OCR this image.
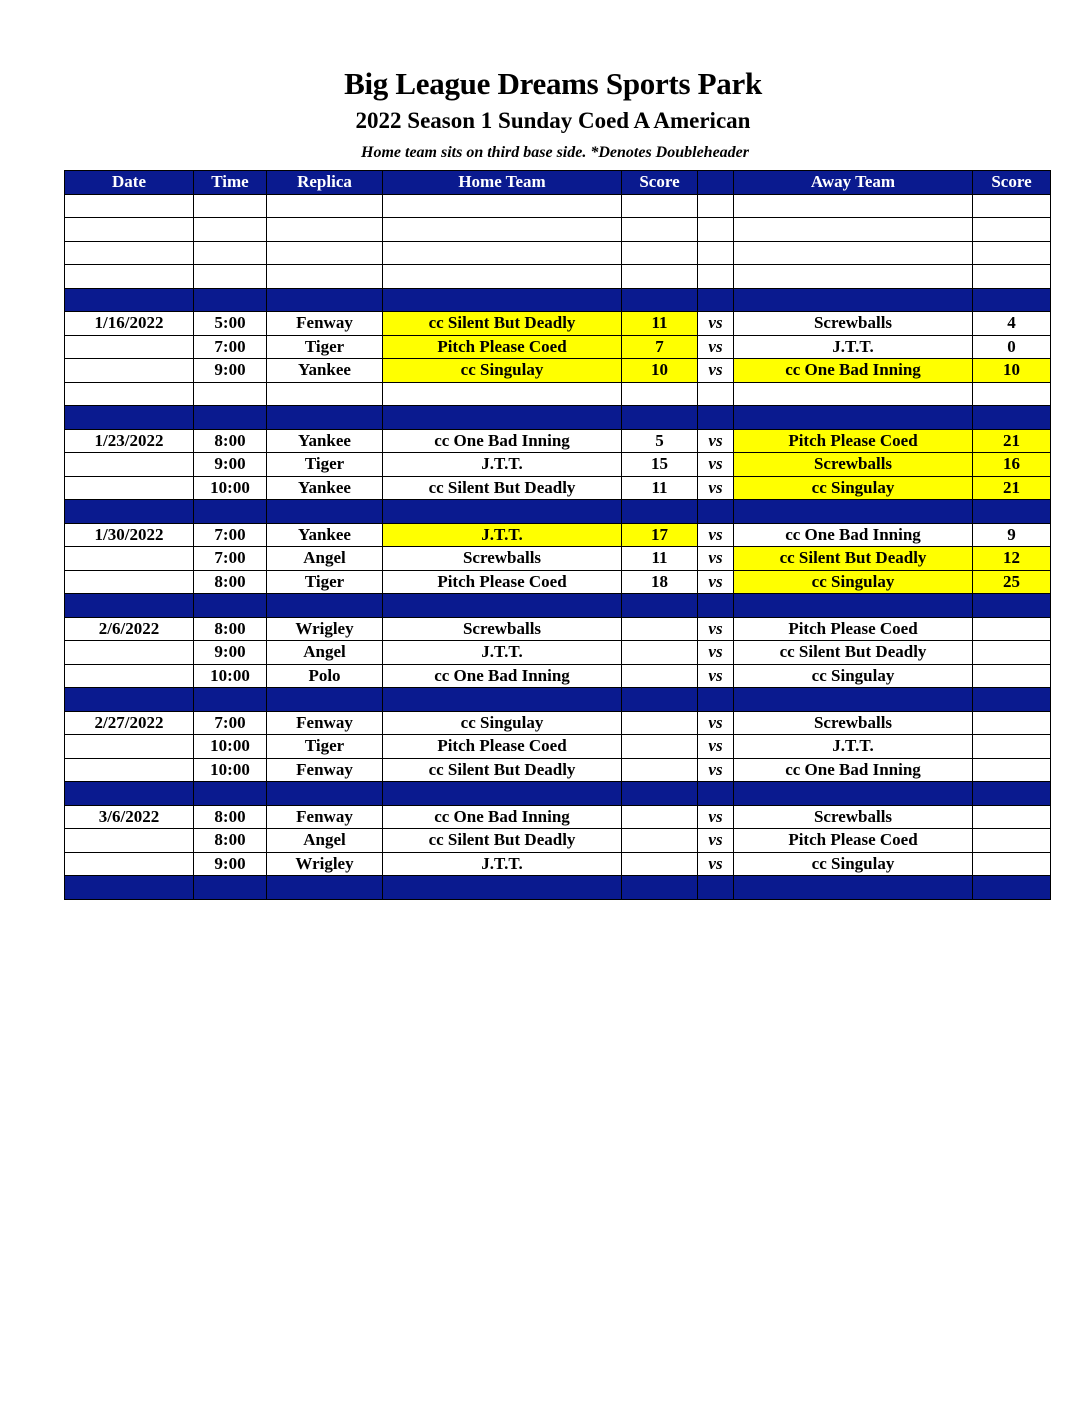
Big League Dreams Sports Park
2022 Season 1 Sunday Coed A American
Home team sits on third base side. *Denotes Doubleheader
Date	Time	Replica	Home Team	Score		Away Team	Score

1/16/2022	5:00	Fenway	cc Silent But Deadly	11	vs	Screwballs	4
	7:00	Tiger	Pitch Please Coed	7	vs	J.T.T.	0
	9:00	Yankee	cc Singulay	10	vs	cc One Bad Inning	10

1/23/2022	8:00	Yankee	cc One Bad Inning	5	vs	Pitch Please Coed	21
	9:00	Tiger	J.T.T.	15	vs	Screwballs	16
	10:00	Yankee	cc Silent But Deadly	11	vs	cc Singulay	21

1/30/2022	7:00	Yankee	J.T.T.	17	vs	cc One Bad Inning	9
	7:00	Angel	Screwballs	11	vs	cc Silent But Deadly	12
	8:00	Tiger	Pitch Please Coed	18	vs	cc Singulay	25

2/6/2022	8:00	Wrigley	Screwballs		vs	Pitch Please Coed	
	9:00	Angel	J.T.T.		vs	cc Silent But Deadly	
	10:00	Polo	cc One Bad Inning		vs	cc Singulay	

2/27/2022	7:00	Fenway	cc Singulay		vs	Screwballs	
	10:00	Tiger	Pitch Please Coed		vs	J.T.T.	
	10:00	Fenway	cc Silent But Deadly		vs	cc One Bad Inning	

3/6/2022	8:00	Fenway	cc One Bad Inning		vs	Screwballs	
	8:00	Angel	cc Silent But Deadly		vs	Pitch Please Coed	
	9:00	Wrigley	J.T.T.		vs	cc Singulay	
